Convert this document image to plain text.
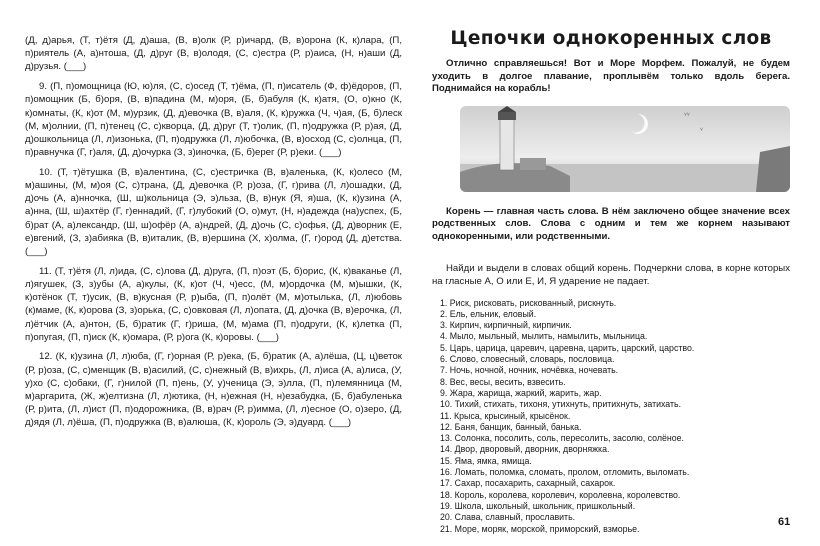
(Д, д)арья, (Т, т)ётя (Д, д)аша, (В, в)олк (Р, р)ичард, (В, в)орона (К, к)лара, (П, п)риятель (А, а)нтоша, (Д, д)руг (В, в)олодя, (С, с)естра (Р, р)аиса, (Н, н)аши (Д, д)рузья. (___)

9. (П, п)омощница (Ю, ю)ля, (С, с)осед (Т, т)ёма, (П, п)исатель (Ф, ф)ёдоров, (П, п)омощник (Б, б)оря, (В, в)падина (М, м)оря, (Б, б)абуля (К, к)атя, (О, о)кно (К, к)омнаты, (К, к)от (М, м)урзик, (Д, д)евочка (В, в)аля, (К, к)ружка (Ч, ч)ая, (Б, б)леск (М, м)олнии, (П, п)тенец (С, с)кворца, (Д, д)руг (Т, т)олик, (П, п)одружка (Р, р)ая, (Д, д)ошкольница (Л, л)изонька, (П, п)одружка (Л, л)юбочка, (В, в)осход (С, с)олнца, (П, п)равнучка (Г, г)аля, (Д, д)очурка (З, з)иночка, (Б, б)ерег (Р, р)еки. (___)

10. (Т, т)ётушка (В, в)алентина, (С, с)естричка (В, в)аленька, (К, к)олесо (М, м)ашины, (М, м)оя (С, с)трана, (Д, д)евочка (Р, р)оза, (Г, г)рива (Л, л)ошадки, (Д, д)очь (А, а)нночка, (Ш, ш)кольница (Э, э)льза, (В, в)нук (Я, я)ша, (К, к)узина (А, а)нна, (Ш, ш)ахтёр (Г, г)еннадий, (Г, г)лубокий (О, о)мут, (Н, н)адежда (на)успех, (Б, б)рат (А, а)лександр, (Ш, ш)офёр (А, а)ндрей, (Д, д)очь (С, с)офья, (Д, д)ворник (Е, е)вгений, (З, з)абияка (В, в)италик, (В, в)ершина (Х, х)олма, (Г, г)ород (Д, д)етства. (___)

11. (Т, т)ётя (Л, л)ида, (С, с)лова (Д, д)руга, (П, п)оэт (Б, б)орис, (К, к)ваканье (Л, л)ягушек, (З, з)убы (А, а)кулы, (К, к)от (Ч, ч)есс, (М, м)ордочка (М, м)ышки, (К, к)отёнок (Т, т)усик, (В, в)кусная (Р, р)ыба, (П, п)олёт (М, м)отылька, (Л, л)юбовь (к)маме, (К, к)орова (З, з)орька, (С, с)овковая (Л, л)опата, (Д, д)очка (В, в)ерочка, (Л, л)ётчик (А, а)нтон, (Б, б)ратик (Г, г)риша, (М, м)ама (П, п)одруги, (К, к)летка (П, п)опугая, (П, п)иск (К, к)омара, (Р, р)ога (К, к)оровы. (___)

12. (К, к)узина (Л, л)юба, (Г, г)орная (Р, р)ека, (Б, б)ратик (А, а)лёша, (Ц, ц)веток (Р, р)оза, (С, с)менщик (В, в)асилий, (С, с)нежный (В, в)ихрь, (Л, л)иса (А, а)лиса, (У, у)хо (С, с)обаки, (Г, г)нилой (П, п)ень, (У, у)ченица (Э, э)лла, (П, п)лемянница (М, м)аргарита, (Ж, ж)елтизна (Л, л)ютика, (Н, н)ежная (Н, н)езабудка, (Б, б)абуленька (Р, р)ита, (Л, л)ист (П, п)одорожника, (В, в)рач (Р, р)имма, (Л, л)есное (О, о)зеро, (Д, д)ядя (Л, л)ёша, (П, п)одружка (В, в)алюша, (К, к)ороль (Э, э)дуард. (___)

Цепочки однокоренных слов

Отлично справляешься! Вот и Море Морфем. Пожалуй, не будем уходить в долгое плавание, проплывём только вдоль берега. Поднимайся на корабль!

˅˅
˅

Корень — главная часть слова. В нём заключено общее значение всех родственных слов. Слова с одним и тем же корнем называют однокоренными, или родственными.

Найди и выдели в словах общий корень. Подчеркни слова, в корне которых на гласные А, О или Е, И, Я ударение не падает.

1. Риск, рисковать, рискованный, рискнуть.
2. Ель, ельник, еловый.
3. Кирпич, кирпичный, кирпичик.
4. Мыло, мыльный, мылить, намылить, мыльница.
5. Царь, царица, царевич, царевна, царить, царский, царство.
6. Слово, словесный, словарь, пословица.
7. Ночь, ночной, ночник, ночёвка, ночевать.
8. Вес, весы, весить, взвесить.
9. Жара, жарища, жаркий, жарить, жар.
10. Тихий, стихать, тихоня, утихнуть, притихнуть, затихать.
11. Крыса, крысиный, крысёнок.
12. Баня, банщик, банный, банька.
13. Солонка, посолить, соль, пересолить, засолю, солёное.
14. Двор, дворовый, дворник, дворняжка.
15. Яма, ямка, ямища.
16. Ломать, поломка, сломать, пролом, отломить, выломать.
17. Сахар, посахарить, сахарный, сахарок.
18. Король, королева, королевич, королевна, королевство.
19. Школа, школьный, школьник, пришкольный.
20. Слава, славный, прославить.
21. Море, моряк, морской, приморский, взморье.
61
